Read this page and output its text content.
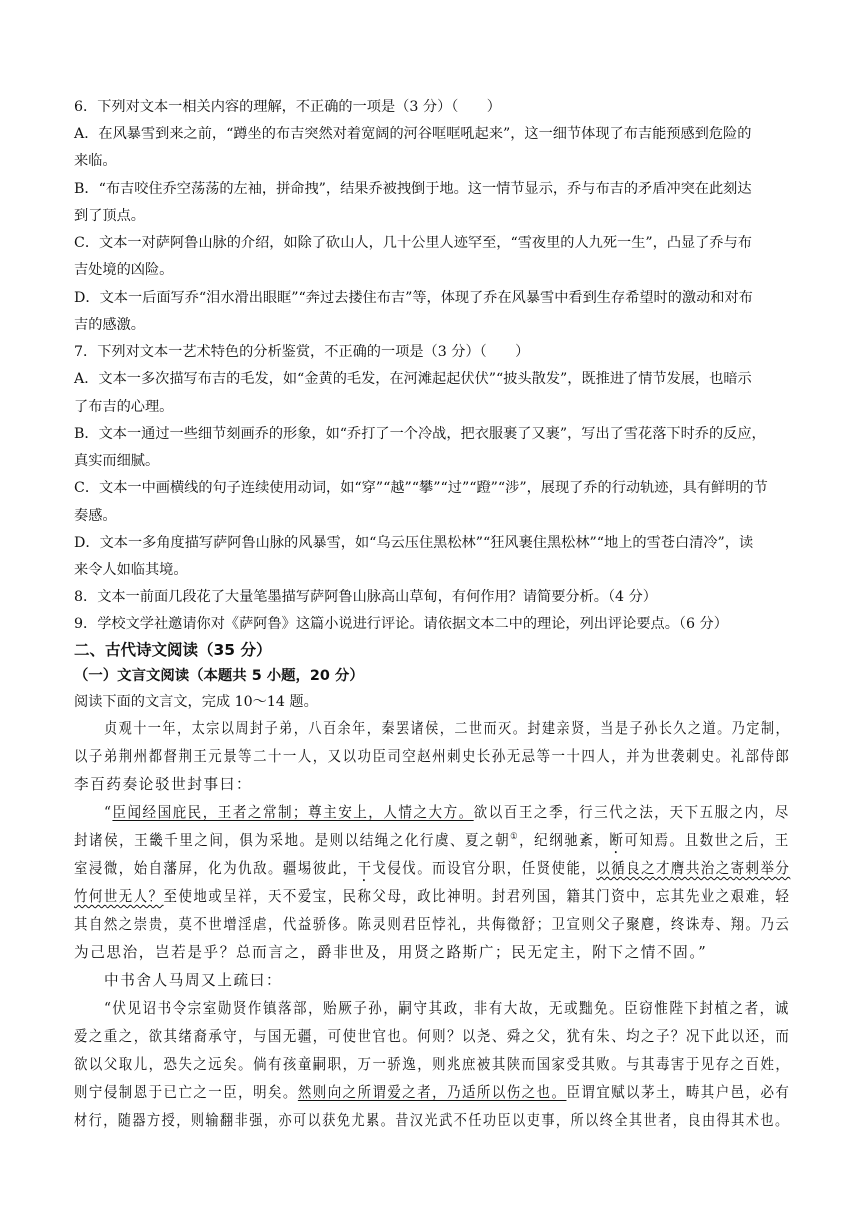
6．下列对文本一相关内容的理解，不正确的一项是（3 分）（　　）
A．在风暴雪到来之前，“蹲坐的布吉突然对着宽阔的河谷哐哐吼起来”，这一细节体现了布吉能预感到危险的
来临。
B．“布吉咬住乔空荡荡的左袖，拼命拽”，结果乔被拽倒于地。这一情节显示，乔与布吉的矛盾冲突在此刻达
到了顶点。
C．文本一对萨阿鲁山脉的介绍，如除了砍山人，几十公里人迹罕至，“雪夜里的人九死一生”，凸显了乔与布
吉处境的凶险。
D．文本一后面写乔“泪水滑出眼眶”“奔过去搂住布吉”等，体现了乔在风暴雪中看到生存希望时的激动和对布
吉的感激。
7．下列对文本一艺术特色的分析鉴赏，不正确的一项是（3 分）（　　）
A．文本一多次描写布吉的毛发，如“金黄的毛发，在河滩起起伏伏”“披头散发”，既推进了情节发展，也暗示
了布吉的心理。
B．文本一通过一些细节刻画乔的形象，如“乔打了一个冷战，把衣服裹了又裹”，写出了雪花落下时乔的反应，
真实而细腻。
C．文本一中画横线的句子连续使用动词，如“穿”“越”“攀”“过”“蹬”“涉”，展现了乔的行动轨迹，具有鲜明的节
奏感。
D．文本一多角度描写萨阿鲁山脉的风暴雪，如“乌云压住黑松林”“狂风裹住黑松林”“地上的雪苍白清冷”，读
来令人如临其境。
8．文本一前面几段花了大量笔墨描写萨阿鲁山脉高山草甸，有何作用？请简要分析。（4 分）
9．学校文学社邀请你对《萨阿鲁》这篇小说进行评论。请依据文本二中的理论，列出评论要点。（6 分）
二、古代诗文阅读（35 分）
（一）文言文阅读（本题共 5 小题，20 分）
阅读下面的文言文，完成 10～14 题。
贞观十一年，太宗以周封子弟，八百余年，秦罢诸侯，二世而灭。封建亲贤，当是子孙长久之道。乃定制，
以子弟荆州都督荆王元景等二十一人，又以功臣司空赵州刺史长孙无忌等一十四人，并为世袭刺史。礼部侍郎
李百药奏论驳世封事曰：
“臣闻经国庇民，王者之常制；尊主安上，人情之大方。欲以百王之季，行三代之法，天下五服之内，尽
封诸侯，王畿千里之间，俱为采地。是则以结绳之化行虞、夏之朝①，纪纲驰紊，断可知焉。且数世之后，王
室浸微，始自藩屏，化为仇敌。疆埸彼此，干戈侵伐。而设官分职，任贤使能，以循良之才膺共治之寄剌举分
竹何世无人？至使地或呈祥，天不爱宝，民称父母，政比神明。封君列国，籍其门资中，忘其先业之艰难，轻
其自然之崇贵，莫不世增淫虐，代益骄侈。陈灵则君臣悖礼，共侮徵舒；卫宣则父子聚麀，终诛寿、翔。乃云
为己思治，岂若是乎？总而言之，爵非世及，用贤之路斯广；民无定主，附下之情不固。”
中书舍人马周又上疏曰：
“伏见诏书令宗室勋贤作镇落部，贻厥子孙，嗣守其政，非有大故，无或黜免。臣窃惟陛下封植之者，诚
爱之重之，欲其绪裔承守，与国无疆，可使世官也。何则？以尧、舜之父，犹有朱、均之子？况下此以还，而
欲以父取儿，恐失之远矣。倘有孩童嗣职，万一骄逸，则兆庶被其陕而国家受其败。与其毒害于见存之百姓，
则宁侵制恩于已亡之一臣，明矣。然则向之所谓爱之者，乃适所以伤之也。臣谓宜赋以茅土，畴其户邑，必有
材行，随器方授，则输翻非强，亦可以获免尤累。昔汉光武不任功臣以吏事，所以终全其世者，良由得其术也。
